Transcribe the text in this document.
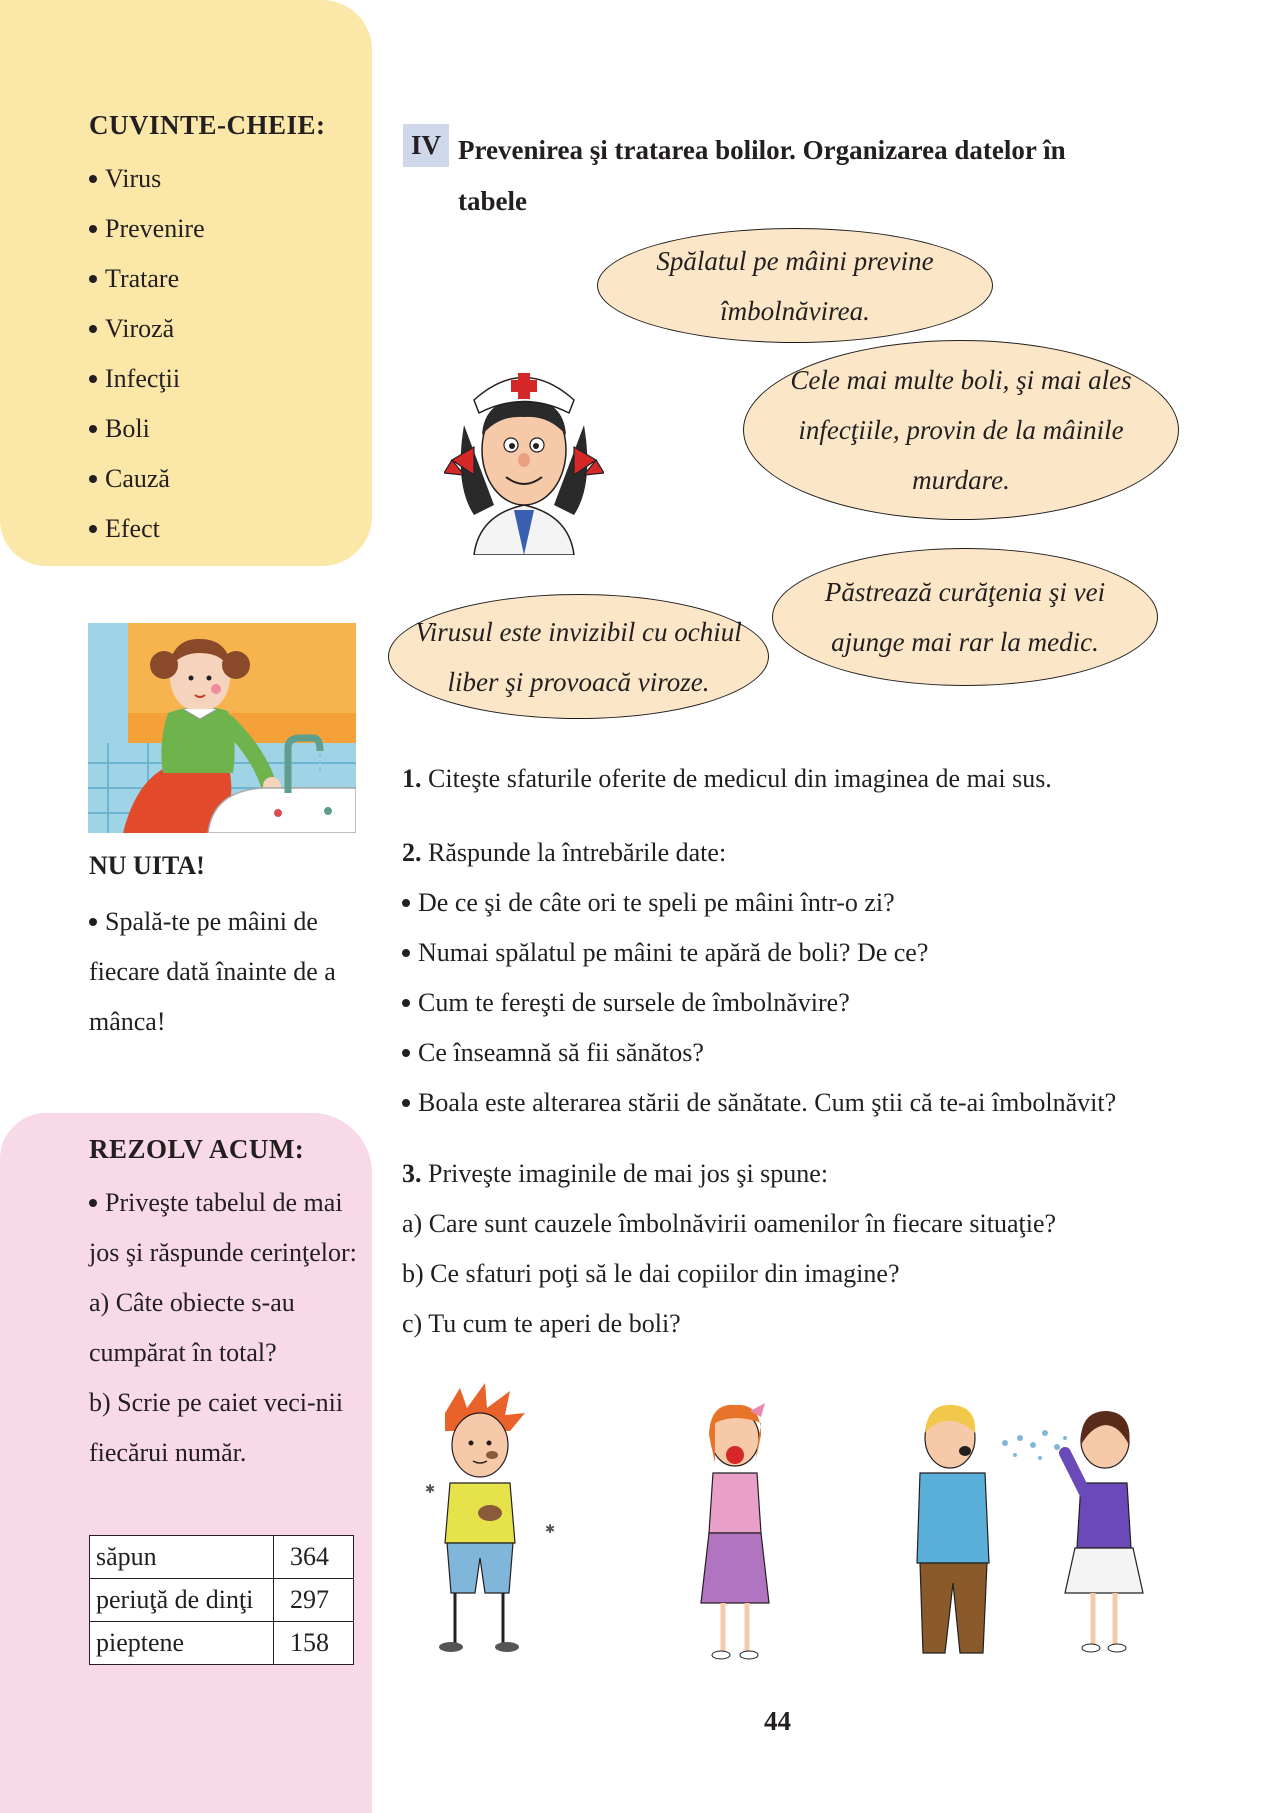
CUVINTE-CHEIE:
Virus
Prevenire
Tratare
Viroză
Infecţii
Boli
Cauză
Efect
NU UITA!
Spală-te pe mâini de fiecare dată înainte de a mânca!
REZOLV ACUM:
Priveşte tabelul de mai jos şi răspunde cerinţelor:
a) Câte obiecte s-au cumpărat în total?
b) Scrie pe caiet veci-nii fiecărui număr.
săpun	364
periuţă de dinţi	297
pieptene	158
IV Prevenirea şi tratarea bolilor. Organizarea datelor în tabele
Spălatul pe mâini previne îmbolnăvirea.
Cele mai multe boli, şi mai ales infecţiile, provin de la mâinile murdare.
Păstrează curăţenia şi vei ajunge mai rar la medic.
Virusul este invizibil cu ochiul liber şi provoacă viroze.
1.
Citeşte sfaturile oferite de medicul din imaginea de mai sus.
2.
Răspunde la întrebările date:
De ce şi de câte ori te speli pe mâini într-o zi?
Numai spălatul pe mâini te apără de boli? De ce?
Cum te fereşti de sursele de îmbolnăvire?
Ce înseamnă să fii sănătos?
Boala este alterarea stării de sănătate. Cum ştii că te-ai îmbolnăvit?
3.
Priveşte imaginile de mai jos şi spune:
a) Care sunt cauzele îmbolnăvirii oamenilor în fiecare situaţie?
b) Ce sfaturi poţi să le dai copiilor din imagine?
c) Tu cum te aperi de boli?
✱
✱
44
